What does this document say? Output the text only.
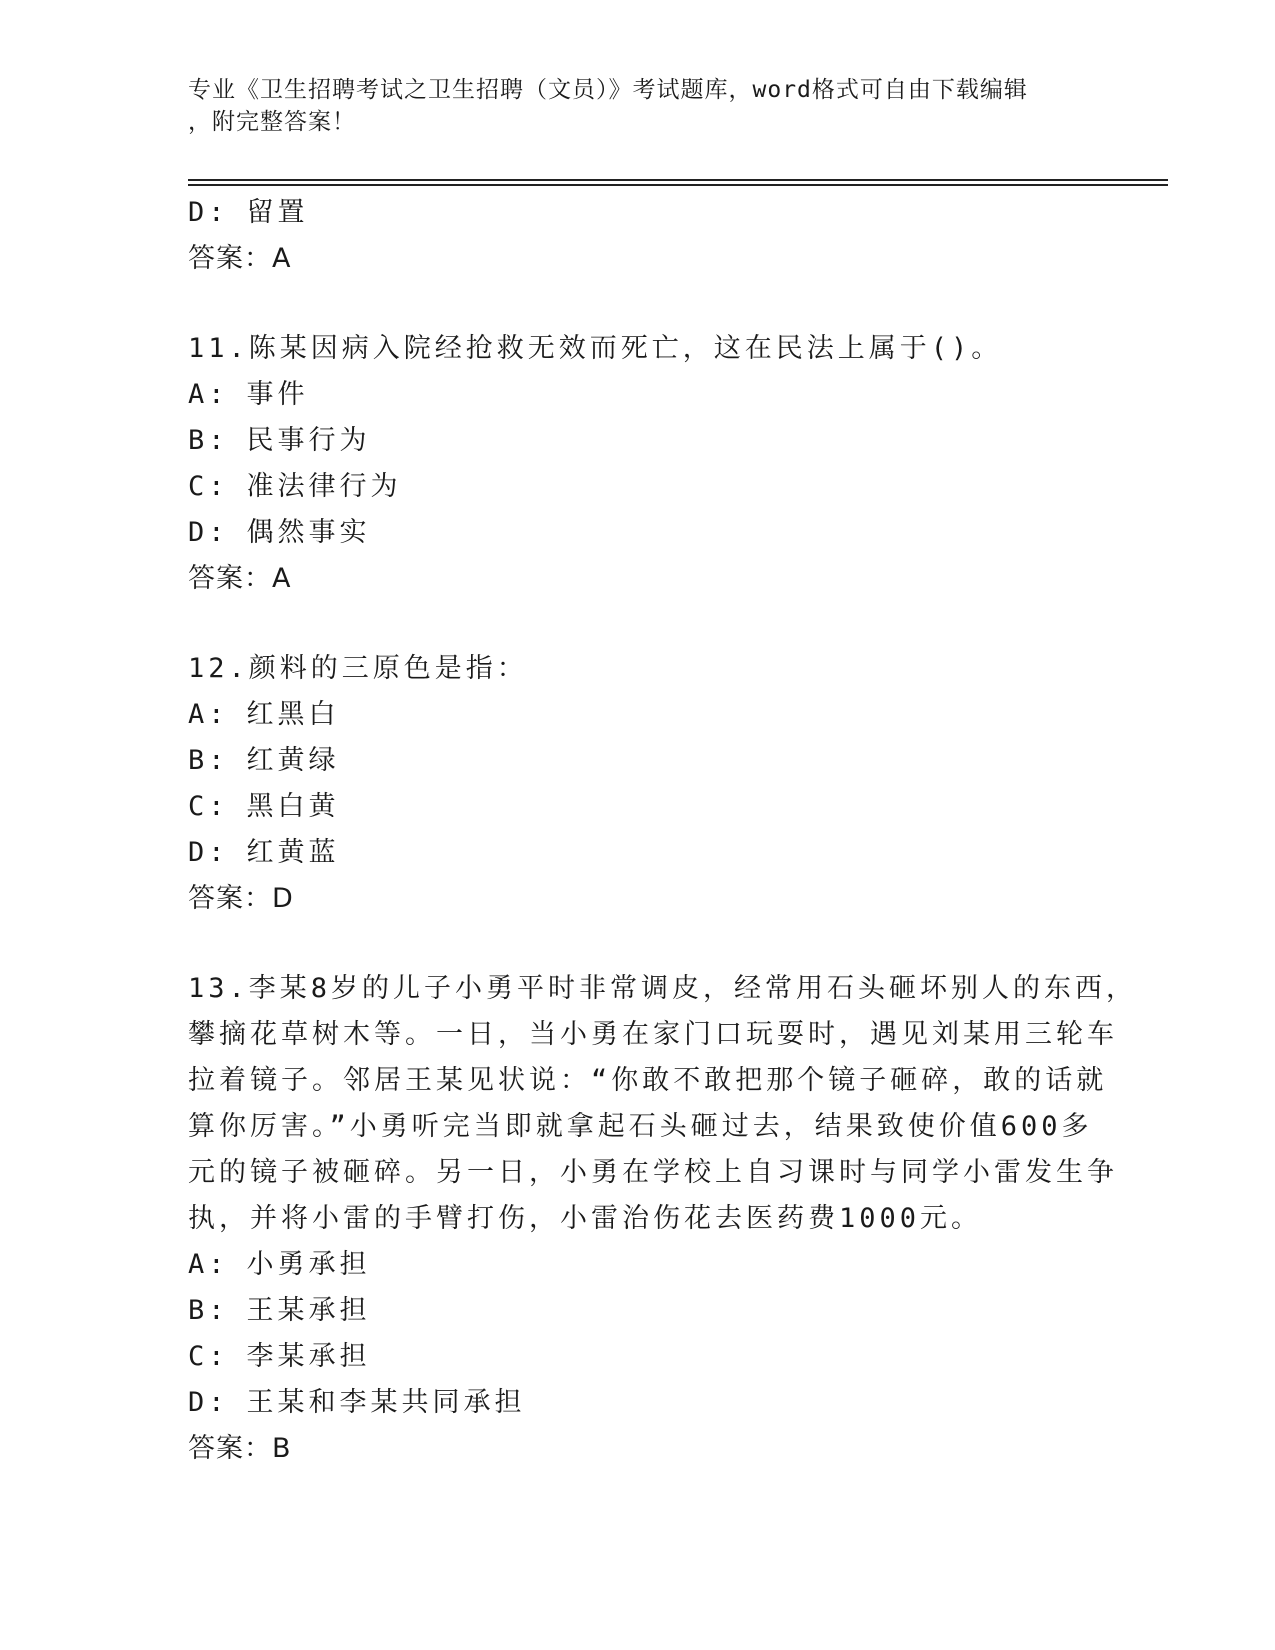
专业《卫生招聘考试之卫生招聘（文员）》考试题库，word格式可自由下载编辑
，附完整答案！
D: 留置
答案：A
11.陈某因病入院经抢救无效而死亡，这在民法上属于()。
A: 事件
B: 民事行为
C: 准法律行为
D: 偶然事实
答案：A
12.颜料的三原色是指：
A: 红黑白
B: 红黄绿
C: 黑白黄
D: 红黄蓝
答案：D
13.李某8岁的儿子小勇平时非常调皮，经常用石头砸坏别人的东西，
攀摘花草树木等。一日，当小勇在家门口玩耍时，遇见刘某用三轮车
拉着镜子。邻居王某见状说：“你敢不敢把那个镜子砸碎，敢的话就
算你厉害。”小勇听完当即就拿起石头砸过去，结果致使价值600多
元的镜子被砸碎。另一日，小勇在学校上自习课时与同学小雷发生争
执，并将小雷的手臂打伤，小雷治伤花去医药费1000元。
A: 小勇承担
B: 王某承担
C: 李某承担
D: 王某和李某共同承担
答案：B
